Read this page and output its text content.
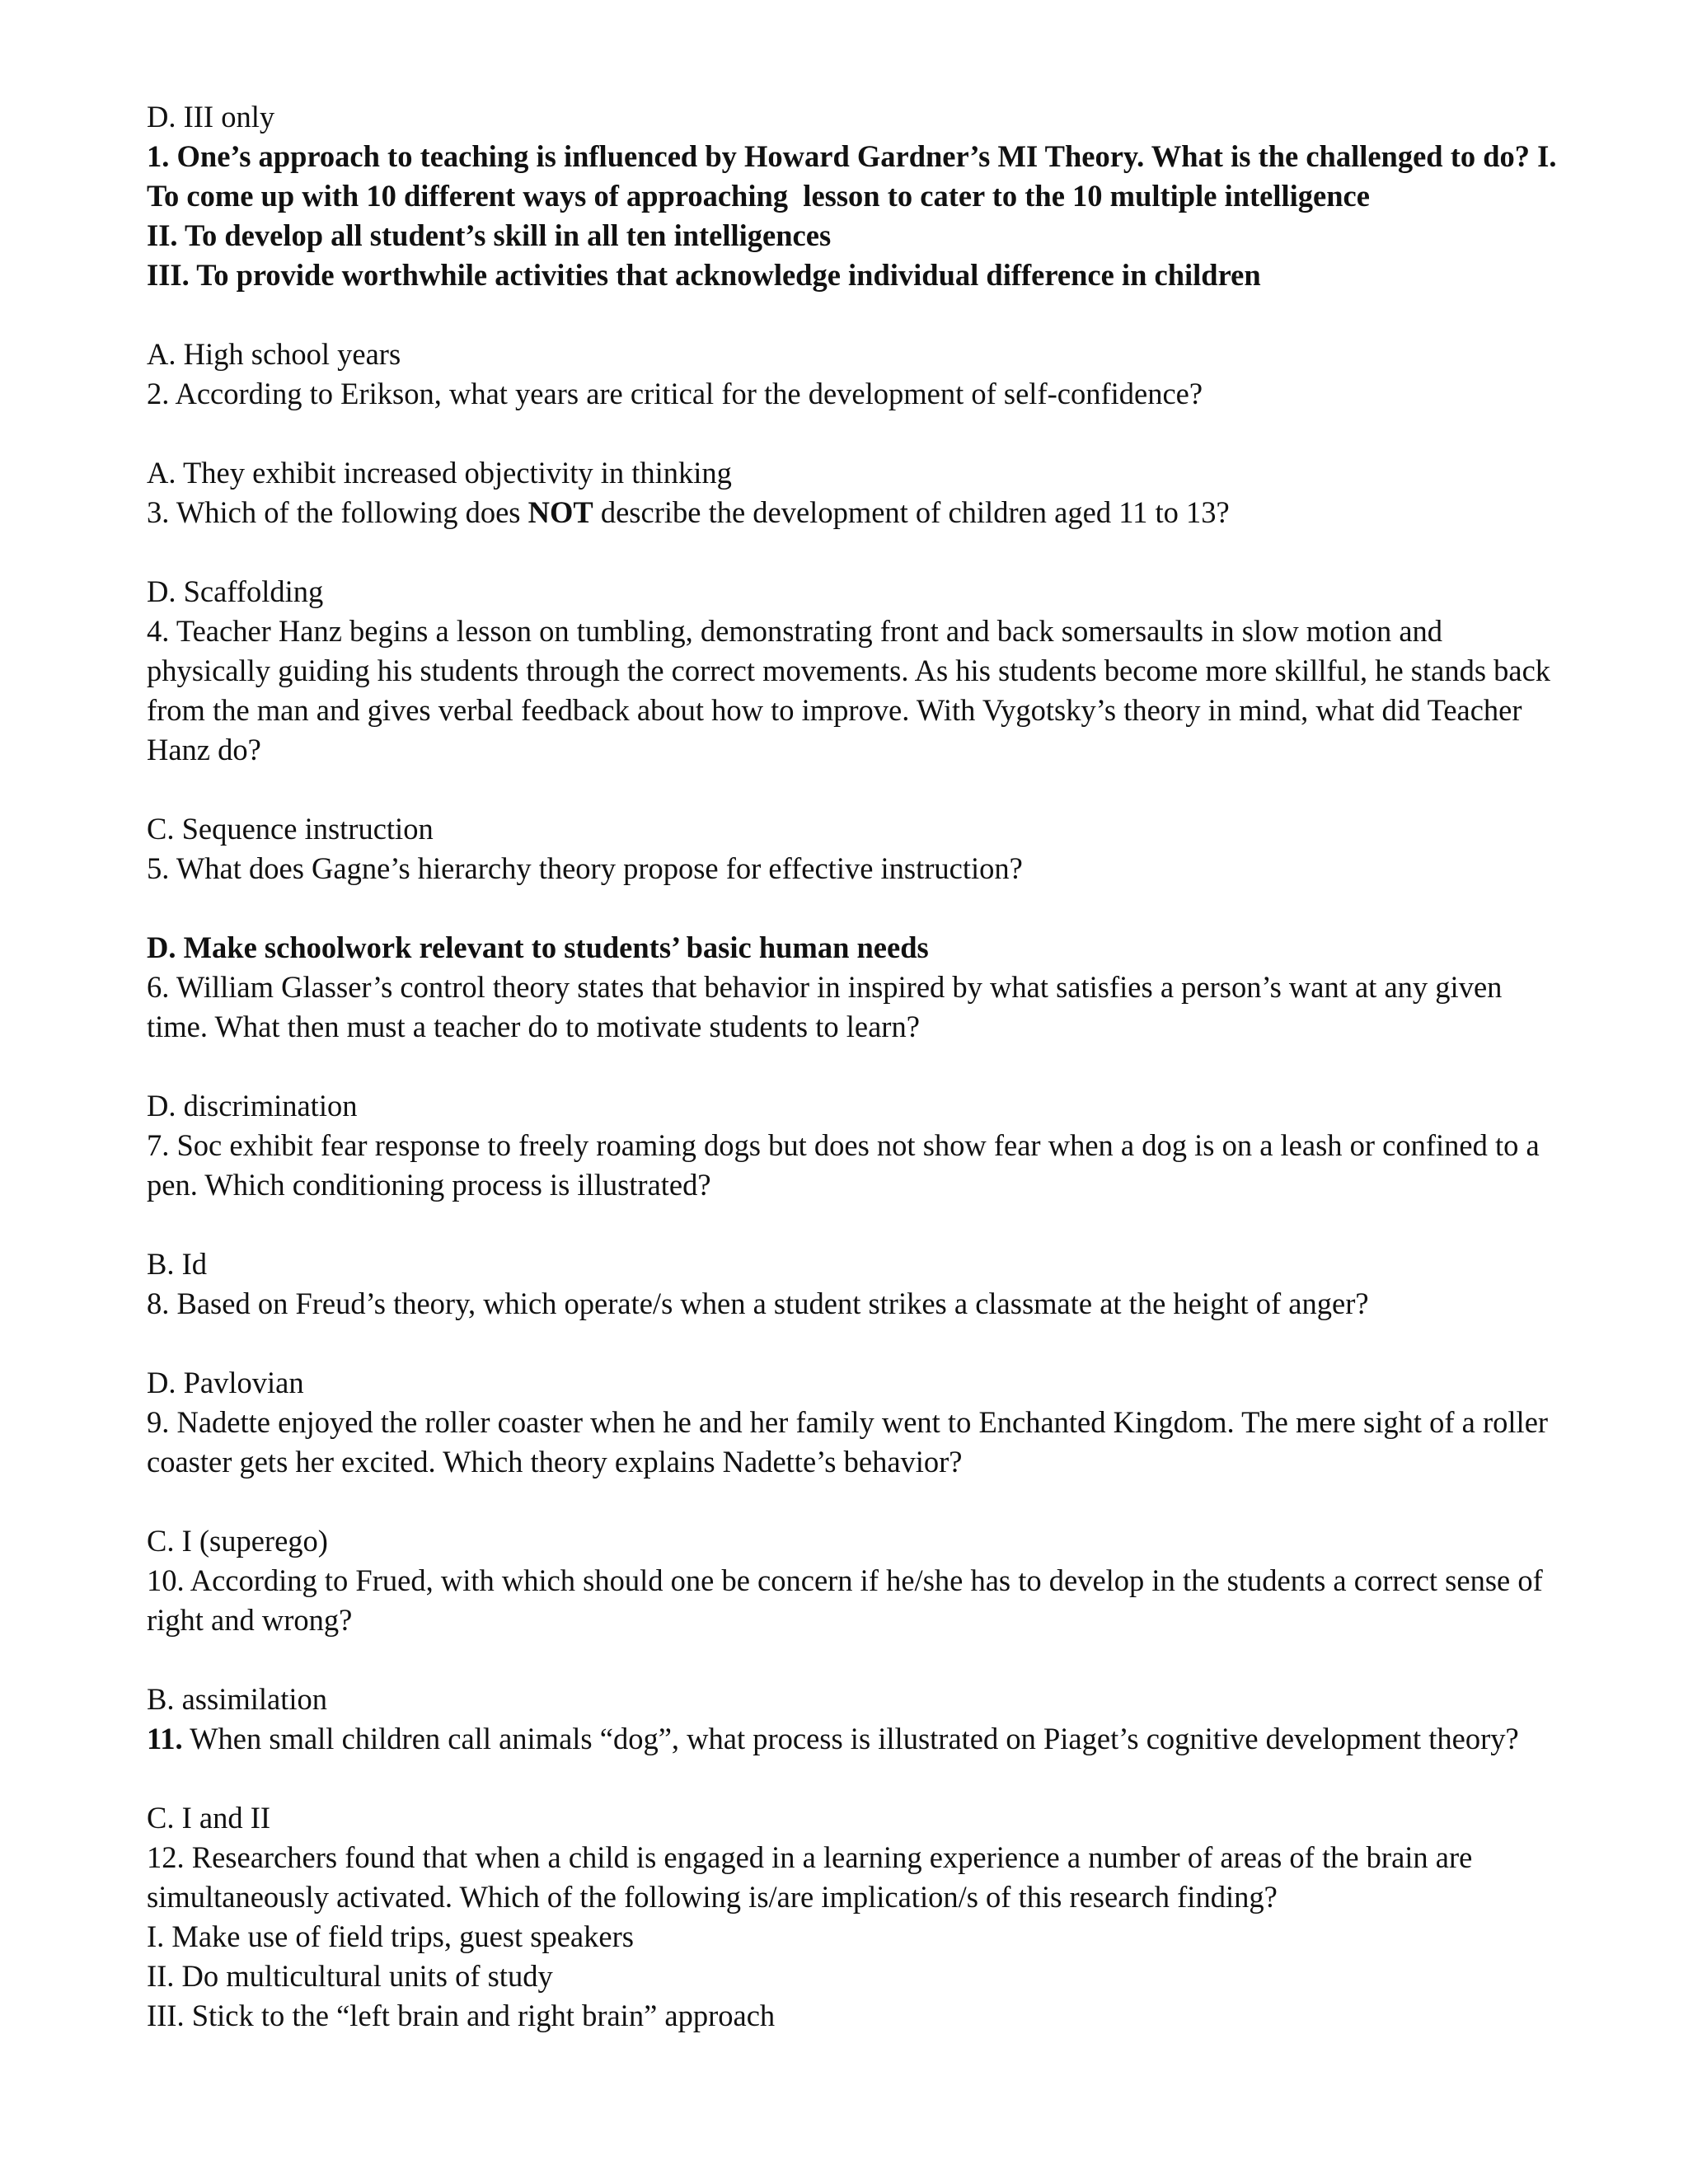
D. III only
1. One’s approach to teaching is influenced by Howard Gardner’s MI Theory. What is the challenged to do? I.
To come up with 10 different ways of approaching  lesson to cater to the 10 multiple intelligence
II. To develop all student’s skill in all ten intelligences
III. To provide worthwhile activities that acknowledge individual difference in children
A. High school years
2. According to Erikson, what years are critical for the development of self-confidence?
A. They exhibit increased objectivity in thinking
3. Which of the following does NOT describe the development of children aged 11 to 13?
D. Scaffolding
4. Teacher Hanz begins a lesson on tumbling, demonstrating front and back somersaults in slow motion and
physically guiding his students through the correct movements. As his students become more skillful, he stands back
from the man and gives verbal feedback about how to improve. With Vygotsky’s theory in mind, what did Teacher
Hanz do?
C. Sequence instruction
5. What does Gagne’s hierarchy theory propose for effective instruction?
D. Make schoolwork relevant to students’ basic human needs
6. William Glasser’s control theory states that behavior in inspired by what satisfies a person’s want at any given
time. What then must a teacher do to motivate students to learn?
D. discrimination
7. Soc exhibit fear response to freely roaming dogs but does not show fear when a dog is on a leash or confined to a
pen. Which conditioning process is illustrated?
B. Id
8. Based on Freud’s theory, which operate/s when a student strikes a classmate at the height of anger?
D. Pavlovian
9. Nadette enjoyed the roller coaster when he and her family went to Enchanted Kingdom. The mere sight of a roller
coaster gets her excited. Which theory explains Nadette’s behavior?
C. I (superego)
10. According to Frued, with which should one be concern if he/she has to develop in the students a correct sense of
right and wrong?
B. assimilation
11. When small children call animals “dog”, what process is illustrated on Piaget’s cognitive development theory?
C. I and II
12. Researchers found that when a child is engaged in a learning experience a number of areas of the brain are
simultaneously activated. Which of the following is/are implication/s of this research finding?
I. Make use of field trips, guest speakers
II. Do multicultural units of study
III. Stick to the “left brain and right brain” approach
